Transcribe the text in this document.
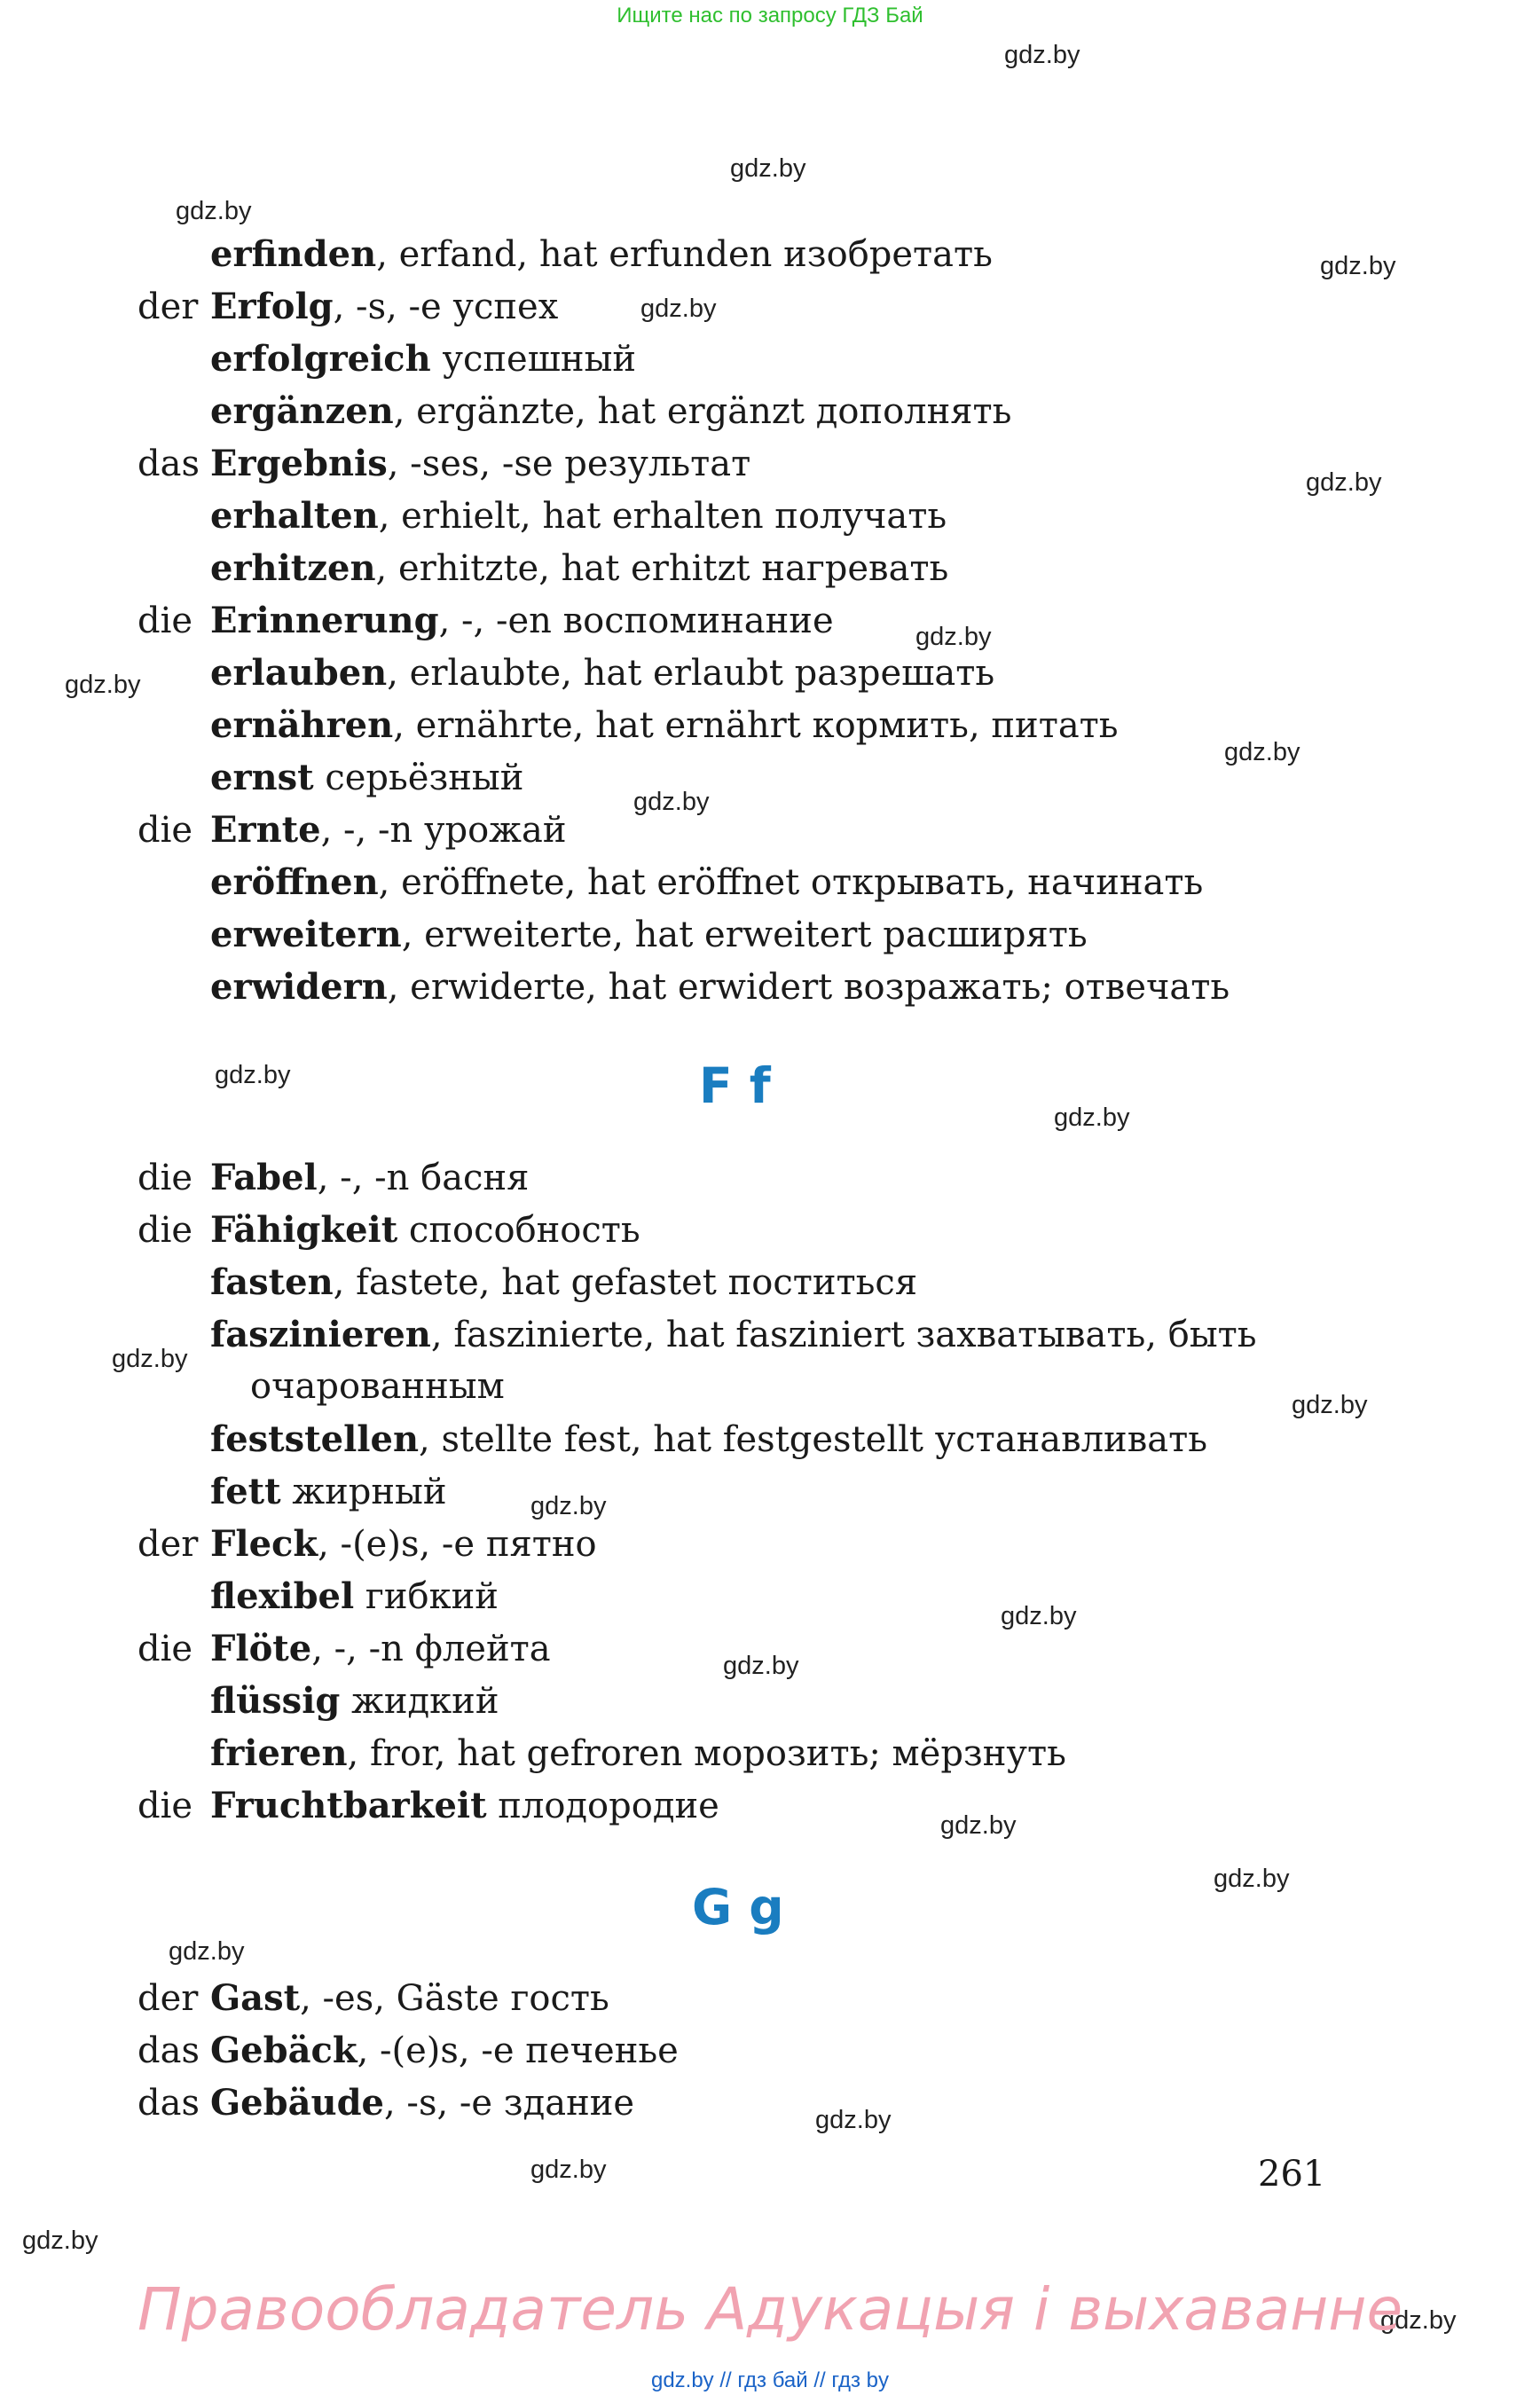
Ищите нас по запросу ГДЗ Бай
gdz.by
gdz.by
gdz.by
gdz.by
gdz.by
gdz.by
gdz.by
gdz.by
gdz.by
gdz.by
gdz.by
gdz.by
gdz.by
gdz.by
gdz.by
gdz.by
gdz.by
gdz.by
gdz.by
gdz.by
gdz.by
gdz.by
gdz.by
gdz.by
erfinden, erfand, hat erfunden изобретать
der Erfolg, -s, -e успех
erfolgreich успешный
ergänzen, ergänzte, hat ergänzt дополнять
das Ergebnis, -ses, -se результат
erhalten, erhielt, hat erhalten получать
erhitzen, erhitzte, hat erhitzt нагревать
die Erinnerung, -, -en воспоминание
erlauben, erlaubte, hat erlaubt разрешать
ernähren, ernährte, hat ernährt кормить, питать
ernst серьёзный
die Ernte, -, -n урожай
eröffnen, eröffnete, hat eröffnet открывать, начинать
erweitern, erweiterte, hat erweitert расширять
erwidern, erwiderte, hat erwidert возражать; отвечать
F f
die Fabel, -, -n басня
die Fähigkeit способность
fasten, fastete, hat gefastet поститься
faszinieren, faszinierte, hat fasziniert захватывать, быть
очарованным
feststellen, stellte fest, hat festgestellt устанавливать
fett жирный
der Fleck, -(e)s, -e пятно
flexibel гибкий
die Flöte, -, -n флейта
flüssig жидкий
frieren, fror, hat gefroren морозить; мёрзнуть
die Fruchtbarkeit плодородие
G g
der Gast, -es, Gäste гость
das Gebäck, -(e)s, -e печенье
das Gebäude, -s, -e здание
261
Правообладатель Адукацыя і выхаванне
gdz.by // гдз бай // гдз by
